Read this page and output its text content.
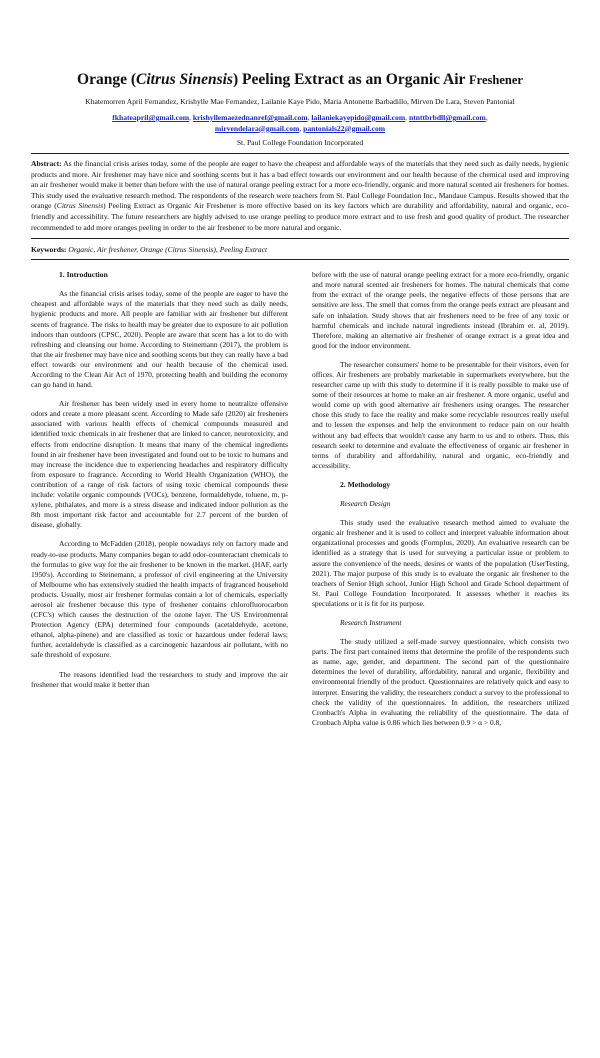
Orange (Citrus Sinensis) Peeling Extract as an Organic Air Freshener
Khatemorren April Fernandez, Krishylle Mae Fernandez, Lailanie Kaye Pido, Maria Antonette Barbadillo, Mirven De Lara, Steven Pantonial
fkhateapril@gmail.com, krishyllemaezednanref@gmail.com, lailaniekayepido@gmail.com, ntnttbrbdll@gmail.com,
mirvendelara@gmail.com, pantonials22@gmail.com
St. Paul College Foundation Incorporated
Abstract: As the financial crisis arises today, some of the people are eager to have the cheapest and affordable ways of the materials that they need such as daily needs, hygienic products and more. Air freshener may have nice and soothing scents but it has a bad effect towards our environment and our health because of the chemical used and improving an air freshener would make it better than before with the use of natural orange peeling extract for a more eco-friendly, organic and more natural scented air fresheners for homes. This study used the evaluative research method. The respondents of the research were teachers from St. Paul College Foundation Inc., Mandaue Campus. Results showed that the orange (Citrus Sinensis) Peeling Extract as Organic Air Freshener is more effective based on its key factors which are durability and affordability, natural and organic, eco-friendly and accessibility. The future researchers are highly advised to use orange peeling to produce more extract and to use fresh and good quality of product. The researcher recommended to add more oranges peeling in order to the air freshener to be more natural and organic.
Keywords: Organic, Air freshener, Orange (Citrus Sinensis), Peeling Extract

1. Introduction

As the financial crisis arises today, some of the people are eager to have the cheapest and affordable ways of the materials that they need such as daily needs, hygienic products and more. All people are familiar with air freshener but different scents of fragrance. The risks to health may be greater due to exposure to air pollution indoors than outdoors (CPSC, 2020). People are aware that scent has a lot to do with refreshing and cleansing our home. According to Steinemann (2017), the problem is that the air freshener may have nice and soothing scents but they can really have a bad effect towards our environment and our health because of the chemical used. According to the Clean Air Act of 1970, protecting health and building the economy can go hand in hand.

Air freshener has been widely used in every home to neutralize offensive odors and create a more pleasant scent. According to Made safe (2020) air fresheners associated with various health effects of chemical compounds measured and identified toxic chemicals in air freshener that are linked to cancer, neurotoxicity, and effects from endocrine disruption. It means that many of the chemical ingredients found in air freshener have been investigated and found out to be toxic to humans and may increase the incidence due to experiencing headaches and respiratory difficulty from exposure to fragrance. According to World Health Organization (WHO), the contribution of a range of risk factors of using toxic chemical compounds these include: volatile organic compounds (VOCs), benzene, formaldehyde, toluene, m, p-xylene, phthalates, and more is a stress disease and indicated indoor pollution as the 8th most important risk factor and accountable for 2.7 percent of the burden of disease, globally.

According to McFadden (2018), people nowadays rely on factory made and ready-to-use products. Many companies began to add odor-counteractant chemicals to the formulas to give way for the air freshener to be known in the market. (HAF, early 1950's). According to Steinemann, a professor of civil engineering at the University of Melbourne who has extensively studied the health impacts of fragranced household products. Usually, most air freshener formulas contain a lot of chemicals, especially aerosol air freshener because this type of freshener contains chlorofluorocarbon (CFC's) which causes the destruction of the ozone layer. The US Environmental Protection Agency (EPA) determined four compounds (acetaldehyde, acetone, ethanol, alpha-pinene) and are classified as toxic or hazardous under federal laws; further, acetaldehyde is classified as a carcinogenic hazardous air pollutant, with no safe threshold of exposure.

The reasons identified lead the researchers to study and improve the air freshener that would make it better than

before with the use of natural orange peeling extract for a more eco-friendly, organic and more natural scented air fresheners for homes. The natural chemicals that come from the extract of the orange peels, the negative effects of those persons that are sensitive are less. The smell that comes from the orange peels extract are pleasant and safe on inhalation. Study shows that air fresheners need to be free of any toxic or harmful chemicals and include natural ingredients instead (Ibrahim et. al, 2019). Therefore, making an alternative air freshener of orange extract is a great idea and good for the indoor environment.

The researcher consumers' home to be presentable for their visitors, even for offices. Air fresheners are probably marketable in supermarkets everywhere, but the researcher came up with this study to determine if it is really possible to make use of some of their resources at home to make an air freshener. A more organic, useful and would come up with good alternative air fresheners using oranges. The researcher chose this study to face the reality and make some recyclable resources really useful and to lessen the expenses and help the environment to reduce pain on our health without any bad effects that wouldn't cause any harm to us and to others. Thus, this research seekt to determine and evaluate the effectiveness of organic air freshener in terms of durability and affordability, natural and organic, eco-friendly and accessibility.

2. Methodology

Research Design

This study used the evaluative research method aimed to evaluate the organic air freshener and it is used to collect and interpret valuable information about organizational processes and goods (Formplus, 2020). An evaluative research can be identified as a strategy that is used for surveying a particular issue or problem to assure the convenience of the needs, desires or wants of the population (UserTesting, 2021). The major purpose of this study is to evaluate the organic air freshener to the teachers of Senior High school, Junior High School and Grade School department of St. Paul College Foundation Incorporated. It assesses whether it reaches its speculations or it is fit for its purpose.

Research Instrument

The study utilized a self-made survey questionnaire, which consists two parts. The first part contained items that determine the profile of the respondents such as name, age, gender, and department. The second part of the questionnaire determines the level of durability, affordability, natural and organic, flexibility and environmental friendly of the product. Questionnaires are relatively quick and easy to interpret. Ensuring the validity, the researchers conduct a survey to the professional to check the validity of the questionnaires. In addition, the researchers utilized Cronbach's Alpha in evaluating the reliability of the questionnaire. The data of Cronbach Alpha value is 0.86 which lies between 0.9 > α > 0.8,
